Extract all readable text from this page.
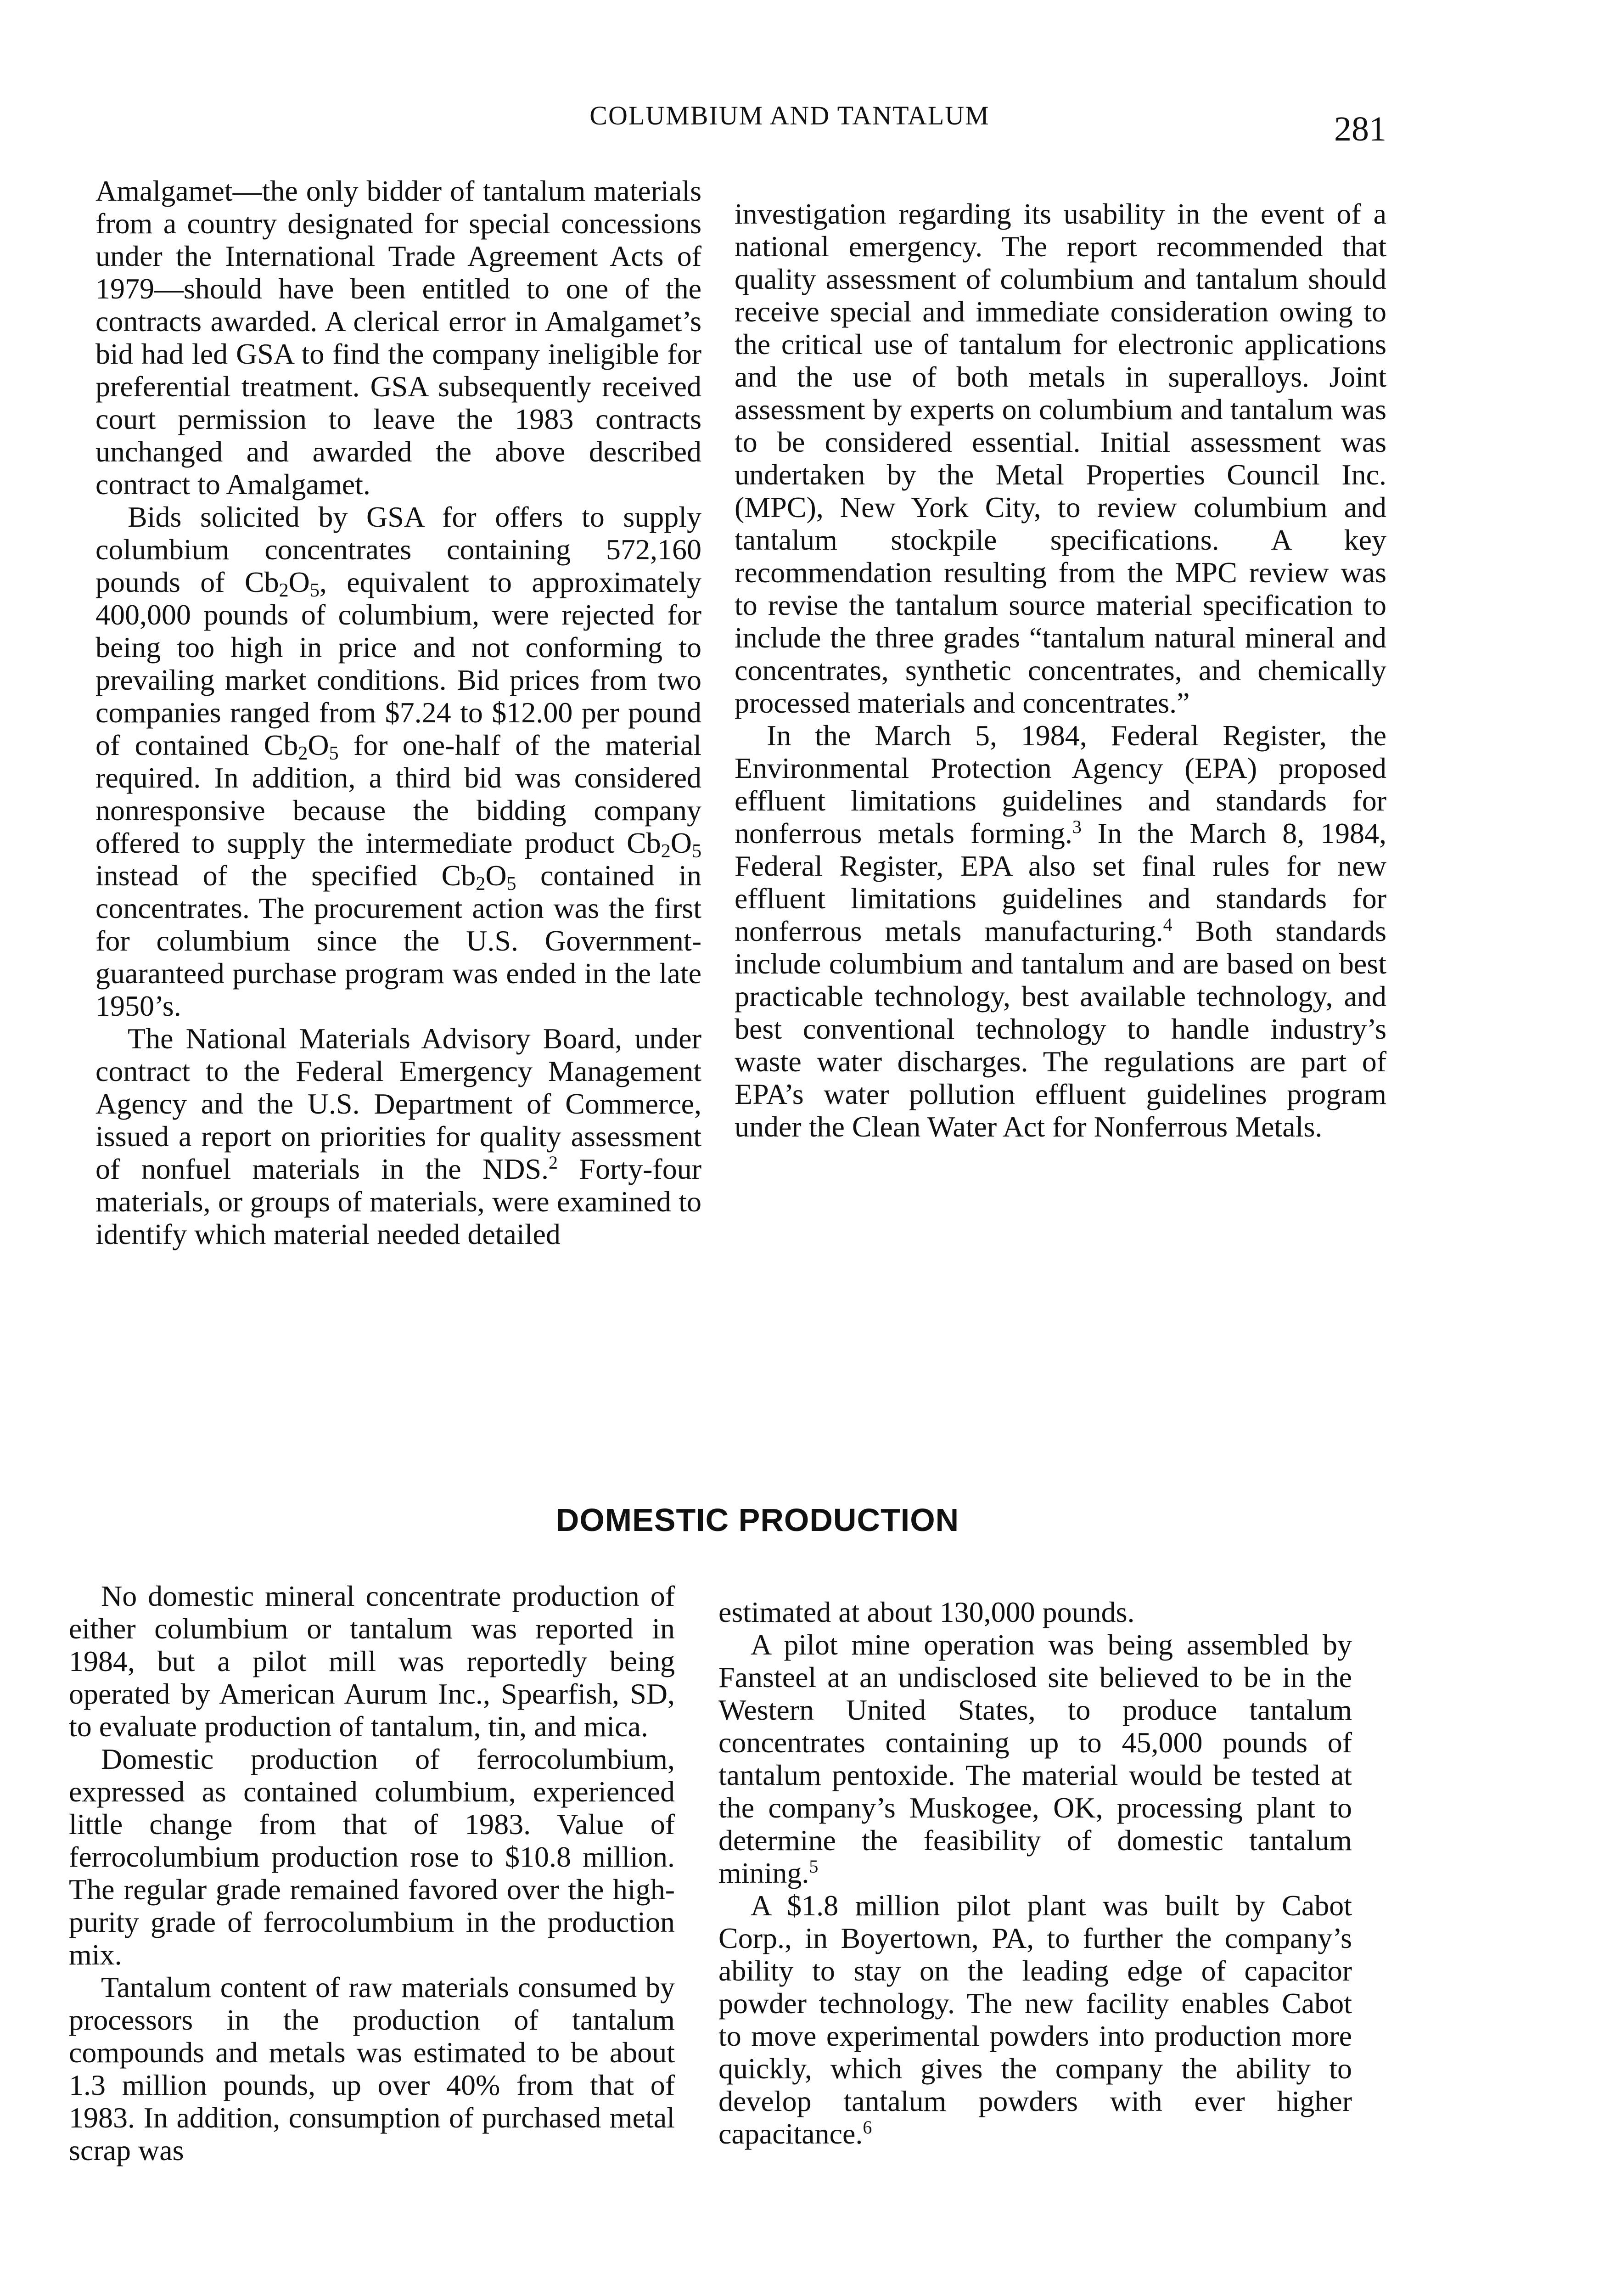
COLUMBIUM AND TANTALUM	281

Amalgamet—the only bidder of tantalum materials from a country designated for special concessions under the International Trade Agreement Acts of 1979—should have been entitled to one of the contracts awarded. A clerical error in Amalgamet’s bid had led GSA to find the company ineligible for preferential treatment. GSA subsequently received court permission to leave the 1983 contracts unchanged and awarded the above described contract to Amalgamet.

Bids solicited by GSA for offers to supply columbium concentrates containing 572,160 pounds of $Cb_2O_5$, equivalent to approximately 400,000 pounds of columbium, were rejected for being too high in price and not conforming to prevailing market conditions. Bid prices from two companies ranged from $7.24 to $12.00 per pound of contained $Cb_2O_5$ for one-half of the material required. In addition, a third bid was considered nonresponsive because the bidding company offered to supply the intermediate product $Cb_2O_5$ instead of the specified $Cb_2O_5$ contained in concentrates. The procurement action was the first for columbium since the U.S. Government-guaranteed purchase program was ended in the late 1950’s.

The National Materials Advisory Board, under contract to the Federal Emergency Management Agency and the U.S. Department of Commerce, issued a report on priorities for quality assessment of nonfuel materials in the NDS.$^2$ Forty-four materials, or groups of materials, were examined to identify which material needed detailed

investigation regarding its usability in the event of a national emergency. The report recommended that quality assessment of columbium and tantalum should receive special and immediate consideration owing to the critical use of tantalum for electronic applications and the use of both metals in superalloys. Joint assessment by experts on columbium and tantalum was to be considered essential. Initial assessment was undertaken by the Metal Properties Council Inc. (MPC), New York City, to review columbium and tantalum stockpile specifications. A key recommendation resulting from the MPC review was to revise the tantalum source material specification to include the three grades “tantalum natural mineral and concentrates, synthetic concentrates, and chemically processed materials and concentrates.”

In the March 5, 1984, Federal Register, the Environmental Protection Agency (EPA) proposed effluent limitations guidelines and standards for nonferrous metals forming.$^3$ In the March 8, 1984, Federal Register, EPA also set final rules for new effluent limitations guidelines and standards for nonferrous metals manufacturing.$^4$ Both standards include columbium and tantalum and are based on best practicable technology, best available technology, and best conventional technology to handle industry’s waste water discharges. The regulations are part of EPA’s water pollution effluent guidelines program under the Clean Water Act for Nonferrous Metals.

DOMESTIC PRODUCTION

No domestic mineral concentrate production of either columbium or tantalum was reported in 1984, but a pilot mill was reportedly being operated by American Aurum Inc., Spearfish, SD, to evaluate production of tantalum, tin, and mica.

Domestic production of ferrocolumbium, expressed as contained columbium, experienced little change from that of 1983. Value of ferrocolumbium production rose to $10.8 million. The regular grade remained favored over the high-purity grade of ferrocolumbium in the production mix.

Tantalum content of raw materials consumed by processors in the production of tantalum compounds and metals was estimated to be about 1.3 million pounds, up over 40% from that of 1983. In addition, consumption of purchased metal scrap was

estimated at about 130,000 pounds.

A pilot mine operation was being assembled by Fansteel at an undisclosed site believed to be in the Western United States, to produce tantalum concentrates containing up to 45,000 pounds of tantalum pentoxide. The material would be tested at the company’s Muskogee, OK, processing plant to determine the feasibility of domestic tantalum mining.$^5$

A $1.8 million pilot plant was built by Cabot Corp., in Boyertown, PA, to further the company’s ability to stay on the leading edge of capacitor powder technology. The new facility enables Cabot to move experimental powders into production more quickly, which gives the company the ability to develop tantalum powders with ever higher capacitance.$^6$
